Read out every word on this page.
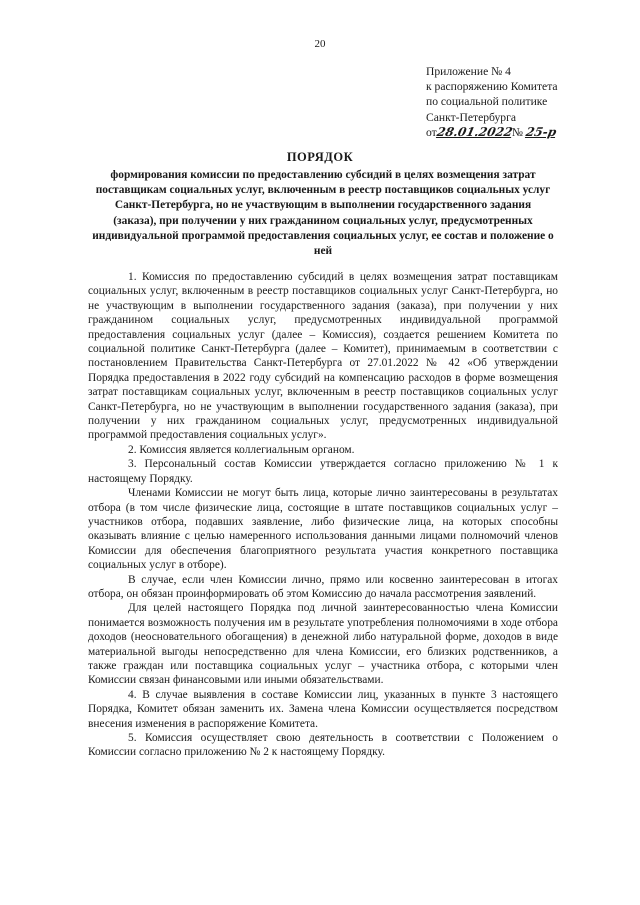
20
Приложение № 4
к распоряжению Комитета
по социальной политике
Санкт-Петербурга
от28.01.2022№ 25-р
ПОРЯДОК
формирования комиссии по предоставлению субсидий в целях возмещения затрат поставщикам социальных услуг, включенным в реестр поставщиков социальных услуг Санкт-Петербурга, но не участвующим в выполнении государственного задания (заказа), при получении у них гражданином социальных услуг, предусмотренных индивидуальной программой предоставления социальных услуг, ее состав и положение о ней

1. Комиссия по предоставлению субсидий в целях возмещения затрат поставщикам социальных услуг, включенным в реестр поставщиков социальных услуг Санкт-Петербурга, но не участвующим в выполнении государственного задания (заказа), при получении у них гражданином социальных услуг, предусмотренных индивидуальной программой предоставления социальных услуг (далее – Комиссия), создается решением Комитета по социальной политике Санкт-Петербурга (далее – Комитет), принимаемым в соответствии с постановлением Правительства Санкт-Петербурга от 27.01.2022 № 42 «Об утверждении Порядка предоставления в 2022 году субсидий на компенсацию расходов в форме возмещения затрат поставщикам социальных услуг, включенным в реестр поставщиков социальных услуг Санкт-Петербурга, но не участвующим в выполнении государственного задания (заказа), при получении у них гражданином социальных услуг, предусмотренных индивидуальной программой предоставления социальных услуг».

2. Комиссия является коллегиальным органом.

3. Персональный состав Комиссии утверждается согласно приложению № 1 к настоящему Порядку.

Членами Комиссии не могут быть лица, которые лично заинтересованы в результатах отбора (в том числе физические лица, состоящие в штате поставщиков социальных услуг – участников отбора, подавших заявление, либо физические лица, на которых способны оказывать влияние с целью намеренного использования данными лицами полномочий членов Комиссии для обеспечения благоприятного результата участия конкретного поставщика социальных услуг в отборе).

В случае, если член Комиссии лично, прямо или косвенно заинтересован в итогах отбора, он обязан проинформировать об этом Комиссию до начала рассмотрения заявлений.

Для целей настоящего Порядка под личной заинтересованностью члена Комиссии понимается возможность получения им в результате употребления полномочиями в ходе отбора доходов (неосновательного обогащения) в денежной либо натуральной форме, доходов в виде материальной выгоды непосредственно для члена Комиссии, его близких родственников, а также граждан или поставщика социальных услуг – участника отбора, с которыми член Комиссии связан финансовыми или иными обязательствами.

4. В случае выявления в составе Комиссии лиц, указанных в пункте 3 настоящего Порядка, Комитет обязан заменить их. Замена члена Комиссии осуществляется посредством внесения изменения в распоряжение Комитета.

5. Комиссия осуществляет свою деятельность в соответствии с Положением о Комиссии согласно приложению № 2 к настоящему Порядку.
